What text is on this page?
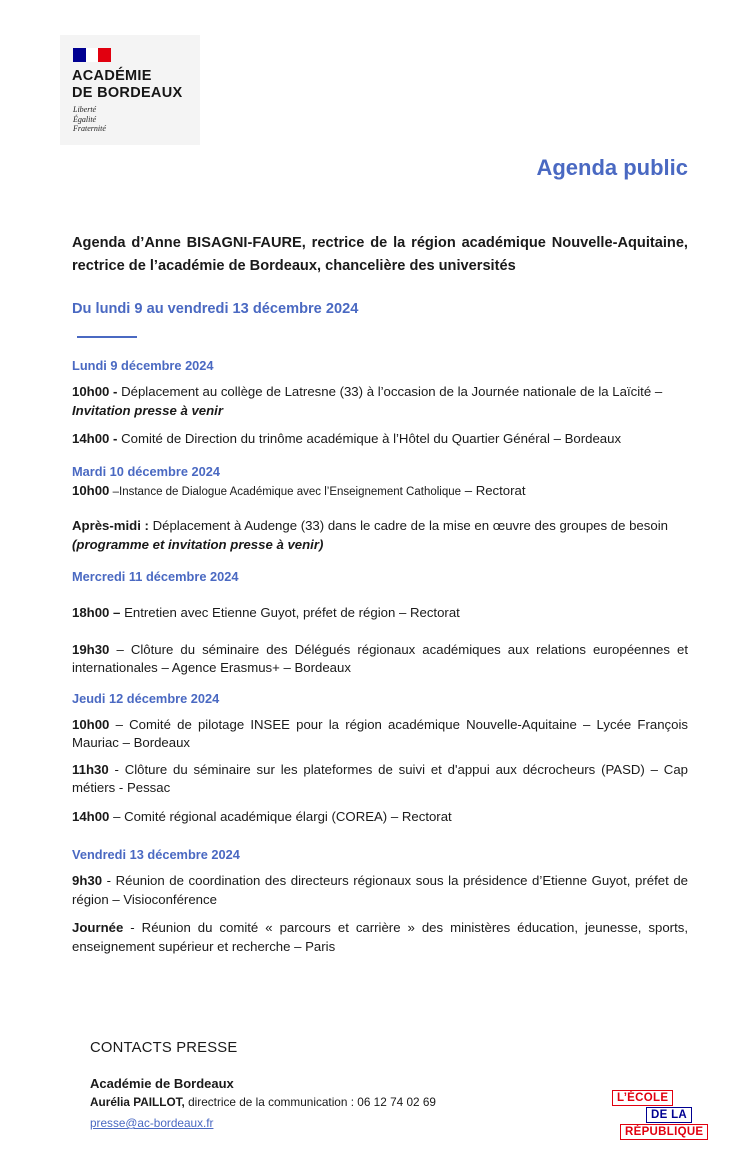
ACADÉMIE
DE BORDEAUX
Liberté
Égalité
Fraternité
Agenda public
Agenda d’Anne BISAGNI-FAURE, rectrice de la région académique Nouvelle-Aquitaine, rectrice de l’académie de Bordeaux, chancelière des universités
Du lundi 9 au vendredi 13 décembre 2024

Lundi 9 décembre 2024

10h00 - Déplacement au collège de Latresne (33) à l’occasion de la Journée nationale de la Laïcité –
Invitation presse à venir

14h00 - Comité de Direction du trinôme académique à l’Hôtel du Quartier Général – Bordeaux

Mardi 10 décembre 2024

10h00 –Instance de Dialogue Académique avec l’Enseignement Catholique – Rectorat

Après-midi : Déplacement à Audenge (33) dans le cadre de la mise en œuvre des groupes de besoin
(programme et invitation presse à venir)

Mercredi 11 décembre 2024

18h00 – Entretien avec Etienne Guyot, préfet de région – Rectorat

19h30 – Clôture du séminaire des Délégués régionaux académiques aux relations européennes et internationales – Agence Erasmus+ – Bordeaux

Jeudi 12 décembre 2024

10h00 – Comité de pilotage INSEE pour la région académique Nouvelle-Aquitaine – Lycée François Mauriac – Bordeaux

11h30 - Clôture du séminaire sur les plateformes de suivi et d'appui aux décrocheurs (PASD) – Cap métiers - Pessac

14h00 – Comité régional académique élargi (COREA) – Rectorat

Vendredi 13 décembre 2024

9h30 - Réunion de coordination des directeurs régionaux sous la présidence d’Etienne Guyot, préfet de région – Visioconférence

Journée - Réunion du comité « parcours et carrière » des ministères éducation, jeunesse, sports, enseignement supérieur et recherche – Paris

CONTACTS PRESSE

Académie de Bordeaux
Aurélia PAILLOT, directrice de la communication : 06 12 74 02 69
presse@ac-bordeaux.fr
L’ÉCOLE
DE LA
RÉPUBLIQUE
